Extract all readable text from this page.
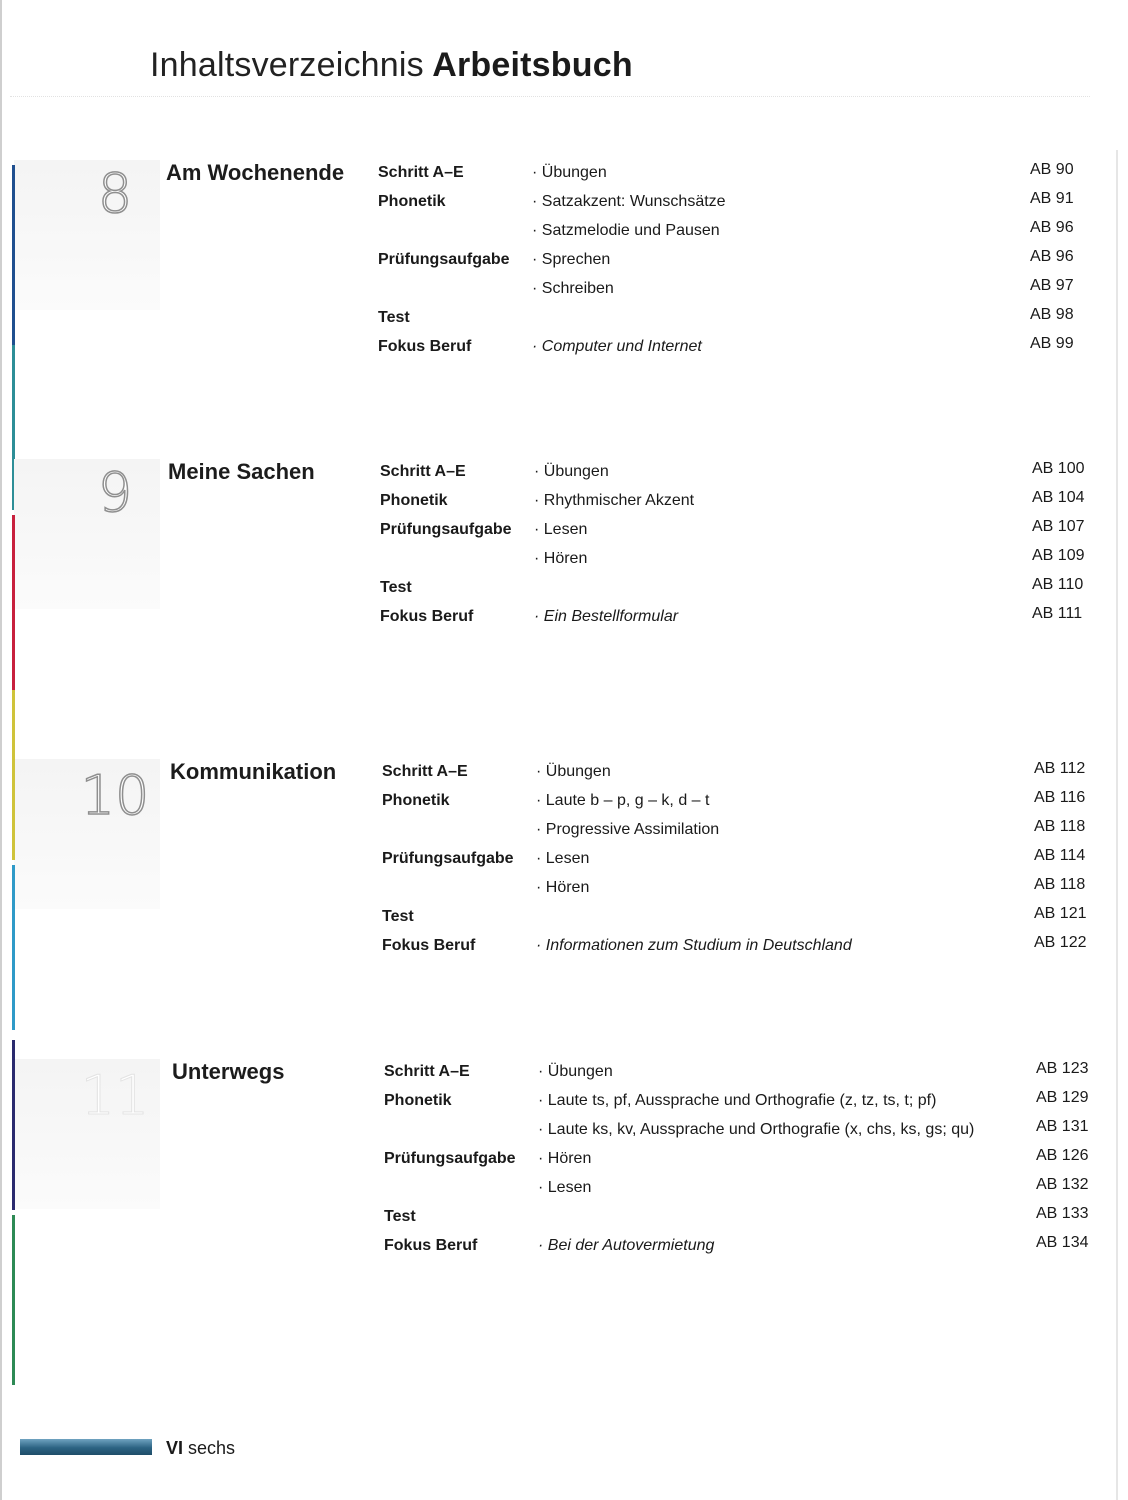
Inhaltsverzeichnis Arbeitsbuch
8	Am Wochenende Schritt A–E	· Übungen	AB 90
Phonetik	· Satzakzent: Wunschsätze	AB 91
· Satzmelodie und Pausen	AB 96
Prüfungsaufgabe · Sprechen	AB 96
· Schreiben	AB 97
Test	AB 98
Fokus Beruf	· Computer und Internet	AB 99
9	Meine Sachen	Schritt A–E	· Übungen	AB 100
Phonetik	· Rhythmischer Akzent	AB 104
Prüfungsaufgabe · Lesen	AB 107
· Hören	AB 109
Test	AB 110
Fokus Beruf	· Ein Bestellformular	AB 111
10 Kommunikation	Schritt A–E	· Übungen	AB 112
Phonetik	· Laute b – p, g – k, d – t	AB 116
· Progressive Assimilation	AB 118
Prüfungsaufgabe · Lesen	AB 114
· Hören	AB 118
Test	AB 121
Fokus Beruf	· Informationen zum Studium in Deutschland	AB 122
11	Unterwegs	Schritt A–E	· Übungen	AB 123
Phonetik	· Laute ts, pf, Aussprache und Orthografie (z, tz, ts, t; pf)	AB 129
· Laute ks, kv, Aussprache und Orthografie (x, chs, ks, gs; qu)	AB 131
Prüfungsaufgabe · Hören	AB 126
· Lesen	AB 132
Test	AB 133
Fokus Beruf	· Bei der Autovermietung	AB 134
VI sechs
